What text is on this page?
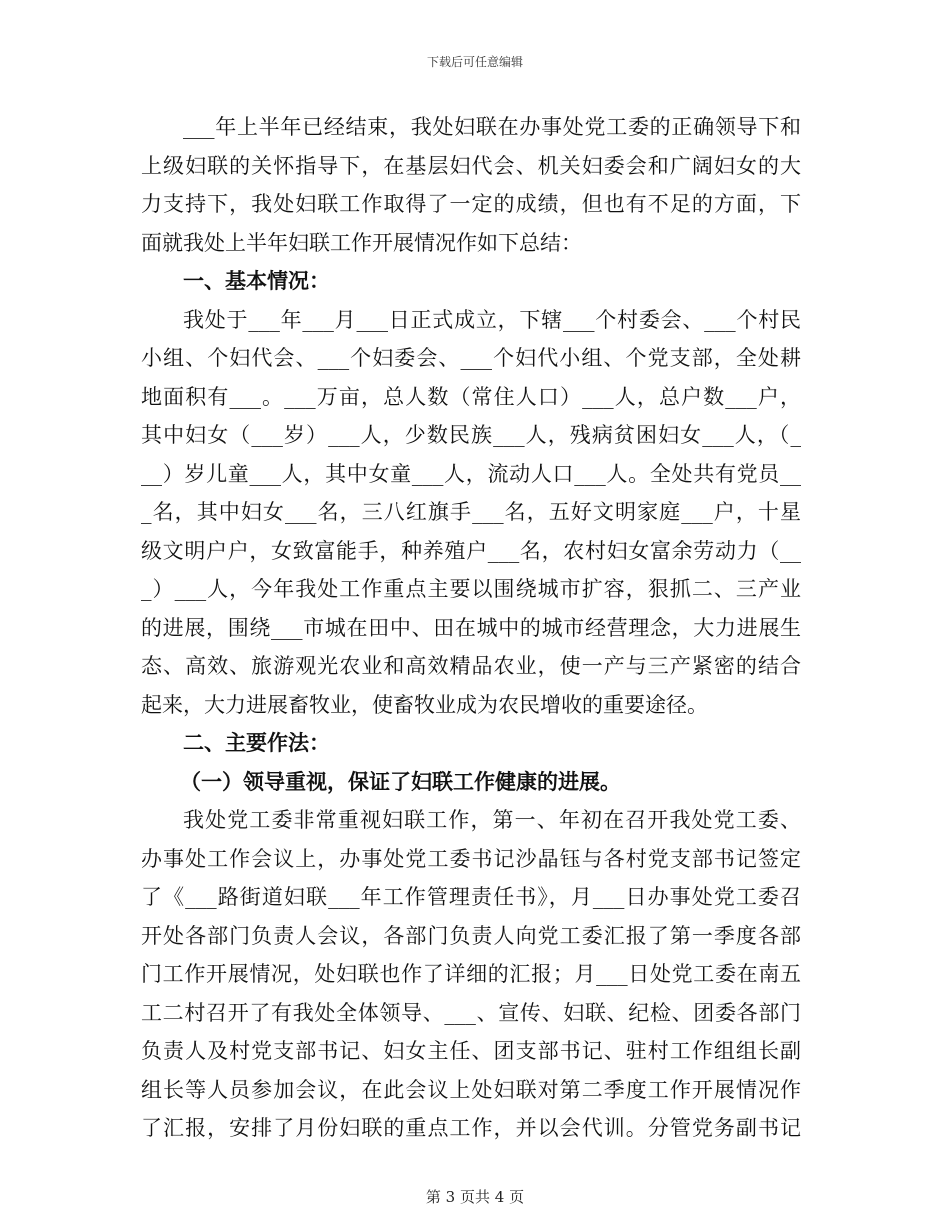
下载后可任意编辑
___年上半年已经结束，我处妇联在办事处党工委的正确领导下和
上级妇联的关怀指导下，在基层妇代会、机关妇委会和广阔妇女的大
力支持下，我处妇联工作取得了一定的成绩，但也有不足的方面，下
面就我处上半年妇联工作开展情况作如下总结：
一、基本情况：
我处于___年___月___日正式成立，下辖___个村委会、___个村民
小组、个妇代会、___个妇委会、___个妇代小组、个党支部，全处耕
地面积有___。___万亩，总人数（常住人口）___人，总户数___户，
其中妇女（___岁）___人，少数民族___人，残病贫困妇女___人，（_
__）岁儿童___人，其中女童___人，流动人口___人。全处共有党员__
_名，其中妇女___名，三八红旗手___名，五好文明家庭___户，十星
级文明户户，女致富能手，种养殖户___名，农村妇女富余劳动力（__
_）___人，今年我处工作重点主要以围绕城市扩容，狠抓二、三产业
的进展，围绕___市城在田中、田在城中的城市经营理念，大力进展生
态、高效、旅游观光农业和高效精品农业，使一产与三产紧密的结合
起来，大力进展畜牧业，使畜牧业成为农民增收的重要途径。
二、主要作法：
（一）领导重视，保证了妇联工作健康的进展。
我处党工委非常重视妇联工作，第一、年初在召开我处党工委、
办事处工作会议上，办事处党工委书记沙晶钰与各村党支部书记签定
了《___路街道妇联___年工作管理责任书》，月___日办事处党工委召
开处各部门负责人会议，各部门负责人向党工委汇报了第一季度各部
门工作开展情况，处妇联也作了详细的汇报；月___日处党工委在南五
工二村召开了有我处全体领导、___、宣传、妇联、纪检、团委各部门
负责人及村党支部书记、妇女主任、团支部书记、驻村工作组组长副
组长等人员参加会议，在此会议上处妇联对第二季度工作开展情况作
了汇报，安排了月份妇联的重点工作，并以会代训。分管党务副书记
第 3 页共 4 页
